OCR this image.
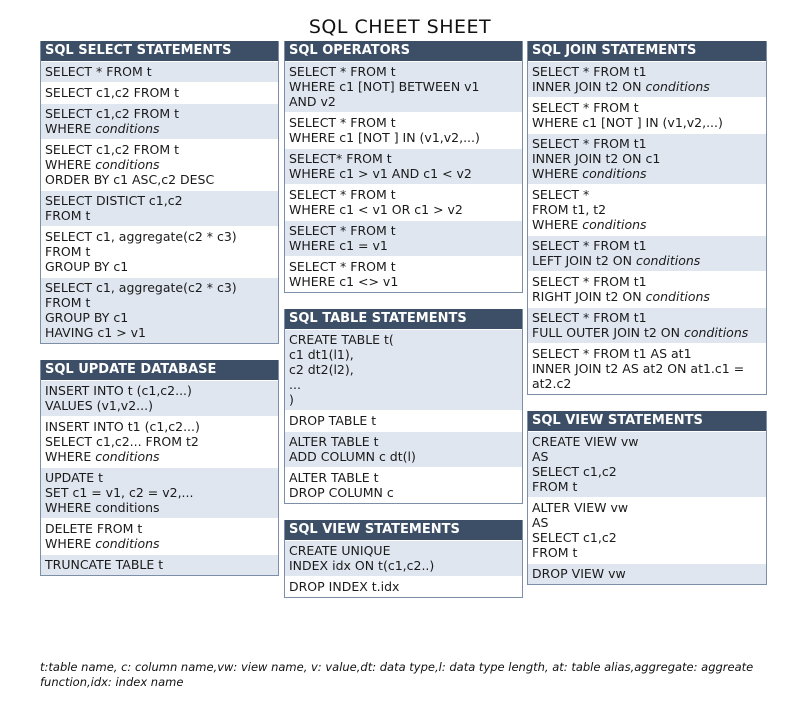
SQL CHEET SHEET
SQL SELECT STATEMENTS
SELECT * FROM t
SELECT c1,c2 FROM t
SELECT c1,c2 FROM t
WHERE conditions
SELECT c1,c2 FROM t
WHERE conditions
ORDER BY c1 ASC,c2 DESC
SELECT DISTICT c1,c2
FROM t
SELECT c1, aggregate(c2 * c3)
FROM t
GROUP BY c1
SELECT c1, aggregate(c2 * c3)
FROM t
GROUP BY c1
HAVING c1 > v1
SQL UPDATE DATABASE
INSERT INTO t (c1,c2...)
VALUES (v1,v2...)
INSERT INTO t1 (c1,c2...)
SELECT c1,c2... FROM t2
WHERE conditions
UPDATE t
SET c1 = v1, c2 = v2,...
WHERE conditions
DELETE FROM t
WHERE conditions
TRUNCATE TABLE t
SQL OPERATORS
SELECT * FROM t
WHERE c1 [NOT] BETWEEN v1
AND v2
SELECT * FROM t
WHERE c1 [NOT ] IN (v1,v2,...)
SELECT* FROM t
WHERE c1 > v1 AND c1 < v2
SELECT * FROM t
WHERE c1 < v1 OR c1 > v2
SELECT * FROM t
WHERE c1 = v1
SELECT * FROM t
WHERE c1 <> v1
SQL TABLE STATEMENTS
CREATE TABLE t(
c1 dt1(l1),
c2 dt2(l2),
...
)
DROP TABLE t
ALTER TABLE t
ADD COLUMN c dt(l)
ALTER TABLE t
DROP COLUMN c
SQL VIEW STATEMENTS
CREATE UNIQUE
INDEX idx ON t(c1,c2..)
DROP INDEX t.idx
SQL JOIN STATEMENTS
SELECT * FROM t1
INNER JOIN t2 ON conditions
SELECT * FROM t
WHERE c1 [NOT ] IN (v1,v2,...)
SELECT * FROM t1
INNER JOIN t2 ON c1
WHERE conditions
SELECT *
FROM t1, t2
WHERE conditions
SELECT * FROM t1
LEFT JOIN t2 ON conditions
SELECT * FROM t1
RIGHT JOIN t2 ON conditions
SELECT * FROM t1
FULL OUTER JOIN t2 ON conditions
SELECT * FROM t1 AS at1
INNER JOIN t2 AS at2 ON at1.c1 =
at2.c2
SQL VIEW STATEMENTS
CREATE VIEW vw
AS
SELECT c1,c2
FROM t
ALTER VIEW vw
AS
SELECT c1,c2
FROM t
DROP VIEW vw
t:table name, c: column name,vw: view name, v: value,dt: data type,l: data type length, at: table alias,aggregate: aggreate function,idx: index name
